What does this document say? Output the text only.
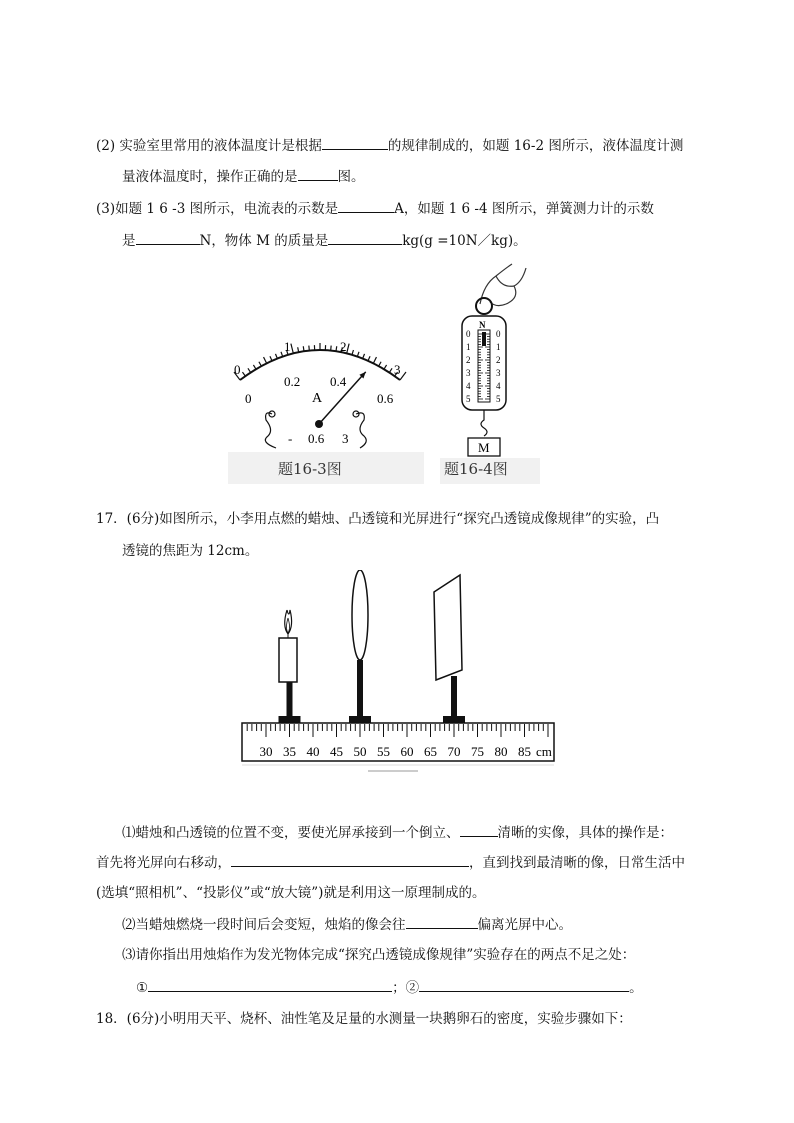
(2) 实验室里常用的液体温度计是根据	的规律制成的，如题 16-2 图所示，液体温度计测
量液体温度时，操作正确的是	图。
(3)如题 1 6 -3 图所示，电流表的示数是	A，如题 1 6 -4 图所示，弹簧测力计的示数
是	N，物体 M 的质量是	kg(g =10N／kg)。
0
1	2
3
0
0.2 0.4
0.6
A
- 0.6 3
题16-3图
N
0	0
1	1
2	2
3	3
4	4
5	5
M
题16-4图
17．(6分)如图所示，小李用点燃的蜡烛、凸透镜和光屏进行“探究凸透镜成像规律”的实验，凸
透镜的焦距为 12cm。
30 35 40 45 50 55 60 65 70 75 80 85 cm
⑴蜡烛和凸透镜的位置不变，要使光屏承接到一个倒立、	清晰的实像，具体的操作是：
首先将光屏向右移动，	，直到找到最清晰的像，日常生活中
(选填“照相机”、“投影仪”或“放大镜”)就是利用这一原理制成的。
⑵当蜡烛燃烧一段时间后会变短，烛焰的像会往	偏离光屏中心。
⑶请你指出用烛焰作为发光物体完成“探究凸透镜成像规律”实验存在的两点不足之处：
①	；②	。
18．(6分)小明用天平、烧杯、油性笔及足量的水测量一块鹅卵石的密度，实验步骤如下：
